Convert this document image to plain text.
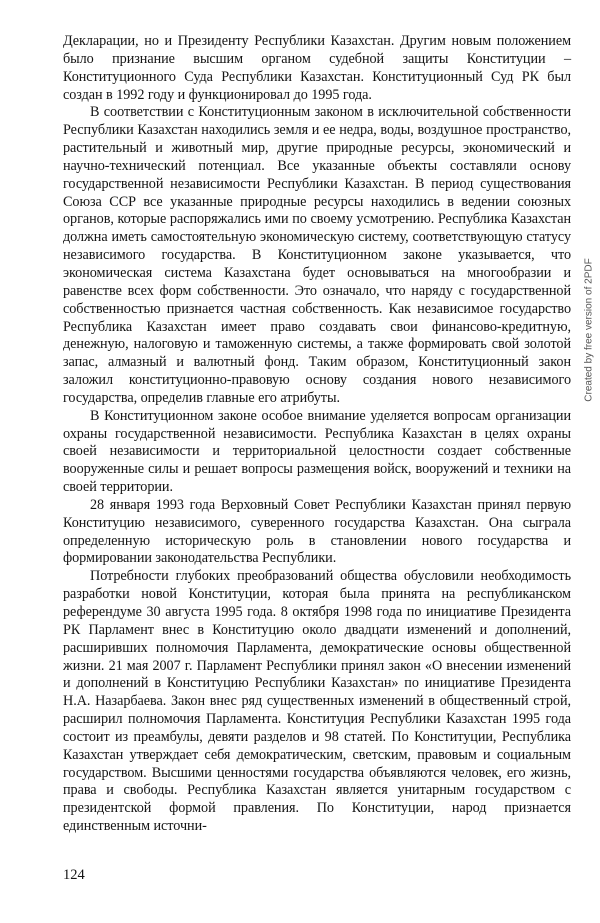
Декларации, но и Президенту Республики Казахстан. Другим новым положением было признание высшим органом судебной защиты Конституции – Конституционного Суда Республики Казахстан. Конституционный Суд РК был создан в 1992 году и функционировал до 1995 года.

В соответствии с Конституционным законом в исключительной собственности Республики Казахстан находились земля и ее недра, воды, воздушное пространство, растительный и животный мир, другие природные ресурсы, экономический и научно-технический потенциал. Все указанные объекты составляли основу государственной независимости Республики Казахстан. В период существования Союза ССР все указанные природные ресурсы находились в ведении союзных органов, которые распоряжались ими по своему усмотрению. Республика Казахстан должна иметь самостоятельную экономическую систему, соответствующую статусу независимого государства. В Конституционном законе указывается, что экономическая система Казахстана будет основываться на многообразии и равенстве всех форм собственности. Это означало, что наряду с государственной собственностью признается частная собственность. Как независимое государство Республика Казахстан имеет право создавать свои финансово-кредитную, денежную, налоговую и таможенную системы, а также формировать свой золотой запас, алмазный и валютный фонд. Таким образом, Конституционный закон заложил конституционно-правовую основу создания нового независимого государства, определив главные его атрибуты.

В Конституционном законе особое внимание уделяется вопросам организации охраны государственной независимости. Республика Казахстан в целях охраны своей независимости и территориальной целостности создает собственные вооруженные силы и решает вопросы размещения войск, вооружений и техники на своей территории.

28 января 1993 года Верховный Совет Республики Казахстан принял первую Конституцию независимого, суверенного государства Казахстан. Она сыграла определенную историческую роль в становлении нового государства и формировании законодательства Республики.

Потребности глубоких преобразований общества обусловили необходимость разработки новой Конституции, которая была принята на республиканском референдуме 30 августа 1995 года. 8 октября 1998 года по инициативе Президента РК Парламент внес в Конституцию около двадцати изменений и дополнений, расширивших полномочия Парламента, демократические основы общественной жизни. 21 мая 2007 г. Парламент Республики принял закон «О внесении изменений и дополнений в Конституцию Республики Казахстан» по инициативе Президента Н.А. Назарбаева. Закон внес ряд существенных изменений в общественный строй, расширил полномочия Парламента. Конституция Республики Казахстан 1995 года состоит из преамбулы, девяти разделов и 98 статей. По Конституции, Республика Казахстан утверждает себя демократическим, светским, правовым и социальным государством. Высшими ценностями государства объявляются человек, его жизнь, права и свободы. Республика Казахстан является унитарным государством с президентской формой правления. По Конституции, народ признается единственным источни-

124
Created by free version of 2PDF
